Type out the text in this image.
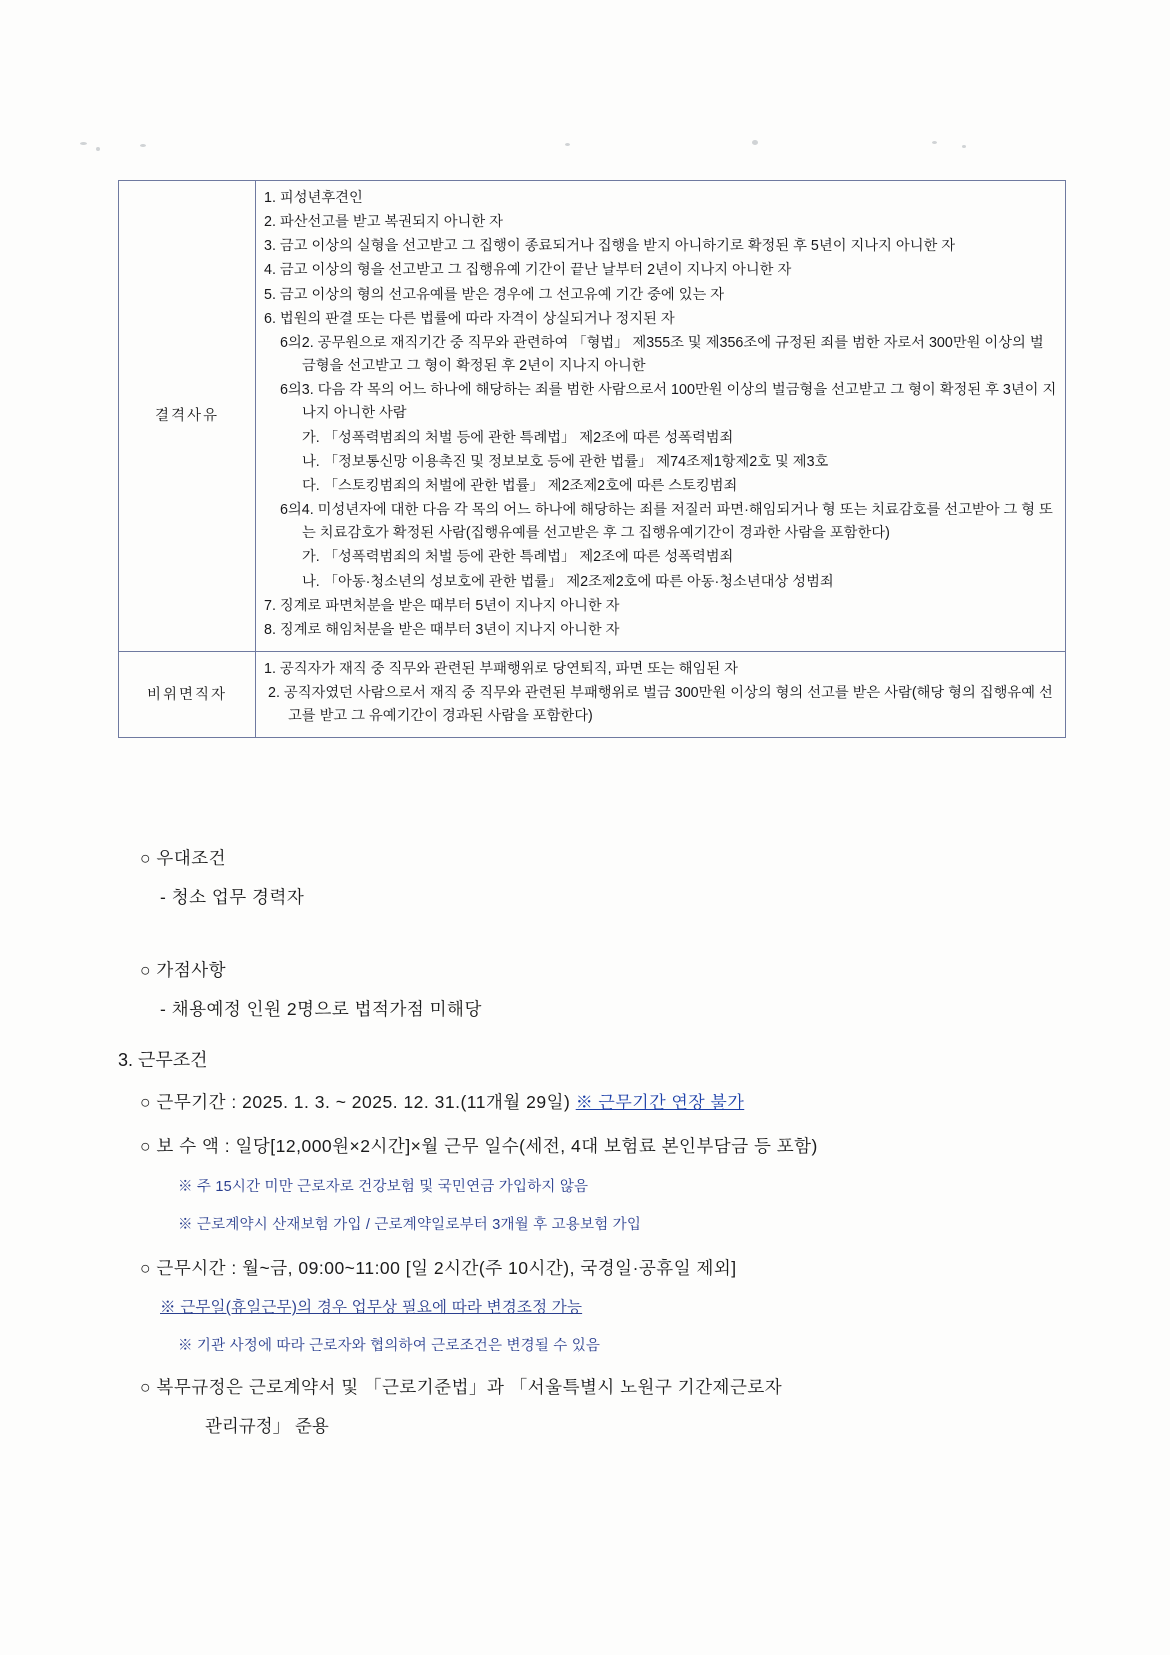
결격사유	
1. 피성년후견인
2. 파산선고를 받고 복권되지 아니한 자
3. 금고 이상의 실형을 선고받고 그 집행이 종료되거나 집행을 받지 아니하기로 확정된 후 5년이 지나지 아니한 자
4. 금고 이상의 형을 선고받고 그 집행유예 기간이 끝난 날부터 2년이 지나지 아니한 자
5. 금고 이상의 형의 선고유예를 받은 경우에 그 선고유예 기간 중에 있는 자
6. 법원의 판결 또는 다른 법률에 따라 자격이 상실되거나 정지된 자
6의2. 공무원으로 재직기간 중 직무와 관련하여 「형법」 제355조 및 제356조에 규정된 죄를 범한 자로서 300만원 이상의 벌금형을 선고받고 그 형이 확정된 후 2년이 지나지 아니한
6의3. 다음 각 목의 어느 하나에 해당하는 죄를 범한 사람으로서 100만원 이상의 벌금형을 선고받고 그 형이 확정된 후 3년이 지나지 아니한 사람
가. 「성폭력범죄의 처벌 등에 관한 특례법」 제2조에 따른 성폭력범죄
나. 「정보통신망 이용촉진 및 정보보호 등에 관한 법률」 제74조제1항제2호 및 제3호
다. 「스토킹범죄의 처벌에 관한 법률」 제2조제2호에 따른 스토킹범죄
6의4. 미성년자에 대한 다음 각 목의 어느 하나에 해당하는 죄를 저질러 파면·해임되거나 형 또는 치료감호를 선고받아 그 형 또는 치료감호가 확정된 사람(집행유예를 선고받은 후 그 집행유예기간이 경과한 사람을 포함한다)
가. 「성폭력범죄의 처벌 등에 관한 특례법」 제2조에 따른 성폭력범죄
나. 「아동·청소년의 성보호에 관한 법률」 제2조제2호에 따른 아동·청소년대상 성범죄
7. 징계로 파면처분을 받은 때부터 5년이 지나지 아니한 자
8. 징계로 해임처분을 받은 때부터 3년이 지나지 아니한 자

비위면직자	
1. 공직자가 재직 중 직무와 관련된 부패행위로 당연퇴직, 파면 또는 해임된 자
2. 공직자였던 사람으로서 재직 중 직무와 관련된 부패행위로 벌금 300만원 이상의 형의 선고를 받은 사람(해당 형의 집행유예 선고를 받고 그 유예기간이 경과된 사람을 포함한다)
○ 우대조건
- 청소 업무 경력자
○ 가점사항
- 채용예정 인원 2명으로 법적가점 미해당
3. 근무조건
○ 근무기간 : 2025. 1. 3. ~ 2025. 12. 31.(11개월 29일) ※ 근무기간 연장 불가
○ 보 수 액 : 일당[12,000원×2시간]×월 근무 일수(세전, 4대 보험료 본인부담금 등 포함)
※ 주 15시간 미만 근로자로 건강보험 및 국민연금 가입하지 않음
※ 근로계약시 산재보험 가입 / 근로계약일로부터 3개월 후 고용보험 가입
○ 근무시간 : 월~금, 09:00~11:00 [일 2시간(주 10시간), 국경일·공휴일 제외]
※ 근무일(휴일근무)의 경우 업무상 필요에 따라 변경조정 가능
※ 기관 사정에 따라 근로자와 협의하여 근로조건은 변경될 수 있음
○ 복무규정은 근로계약서 및 「근로기준법」과 「서울특별시 노원구 기간제근로자
관리규정」 준용
